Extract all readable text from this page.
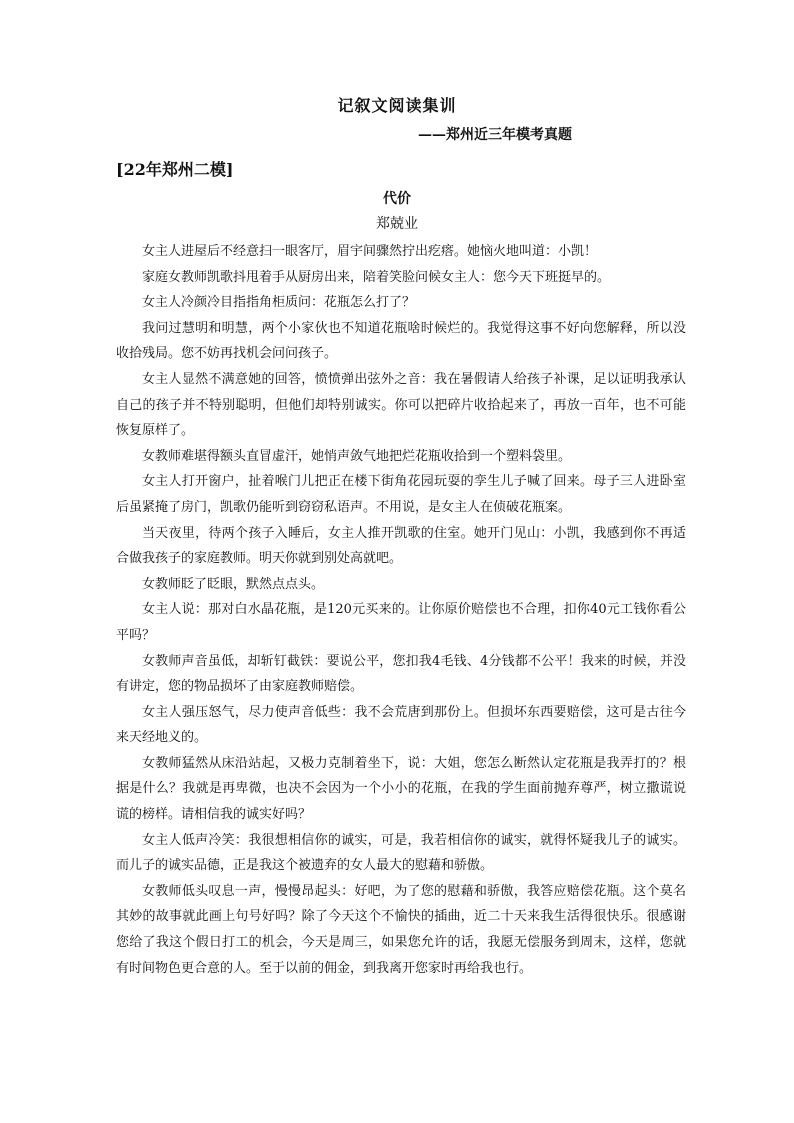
记叙文阅读集训
——郑州近三年模考真题
[22年郑州二模]
代价
郑兢业

女主人进屋后不经意扫一眼客厅，眉宇间骤然拧出疙瘩。她恼火地叫道：小凯！

家庭女教师凯歌抖甩着手从厨房出来，陪着笑脸问候女主人：您今天下班挺早的。

女主人冷颜冷目指指角柜质问：花瓶怎么打了？

我问过慧明和明慧，两个小家伙也不知道花瓶啥时候烂的。我觉得这事不好向您解释，所以没收拾残局。您不妨再找机会问问孩子。

女主人显然不满意她的回答，愤愤弹出弦外之音：我在暑假请人给孩子补课，足以证明我承认自己的孩子并不特别聪明，但他们却特别诚实。你可以把碎片收拾起来了，再放一百年，也不可能恢复原样了。

女教师难堪得额头直冒虚汗，她悄声敛气地把烂花瓶收拾到一个塑料袋里。

女主人打开窗户，扯着喉门儿把正在楼下街角花园玩耍的孪生儿子喊了回来。母子三人进卧室后虽紧掩了房门，凯歌仍能听到窃窃私语声。不用说，是女主人在侦破花瓶案。

当天夜里，待两个孩子入睡后，女主人推开凯歌的住室。她开门见山：小凯，我感到你不再适合做我孩子的家庭教师。明天你就到别处高就吧。

女教师眨了眨眼，默然点点头。

女主人说：那对白水晶花瓶，是120元买来的。让你原价赔偿也不合理，扣你40元工钱你看公平吗？

女教师声音虽低，却斩钉截铁：要说公平，您扣我4毛钱、4分钱都不公平！我来的时候，并没有讲定，您的物品损坏了由家庭教师赔偿。

女主人强压怒气，尽力使声音低些：我不会荒唐到那份上。但损坏东西要赔偿，这可是古往今来天经地义的。

女教师猛然从床沿站起，又极力克制着坐下，说：大姐，您怎么断然认定花瓶是我弄打的？根据是什么？我就是再卑微，也决不会因为一个小小的花瓶，在我的学生面前抛弃尊严，树立撒谎说谎的榜样。请相信我的诚实好吗？

女主人低声冷笑：我很想相信你的诚实，可是，我若相信你的诚实，就得怀疑我儿子的诚实。而儿子的诚实品德，正是我这个被遗弃的女人最大的慰藉和骄傲。

女教师低头叹息一声，慢慢昂起头：好吧，为了您的慰藉和骄傲，我答应赔偿花瓶。这个莫名其妙的故事就此画上句号好吗？除了今天这个不愉快的插曲，近二十天来我生活得很快乐。很感谢您给了我这个假日打工的机会，今天是周三，如果您允许的话，我愿无偿服务到周末，这样，您就有时间物色更合意的人。至于以前的佣金，到我离开您家时再给我也行。
